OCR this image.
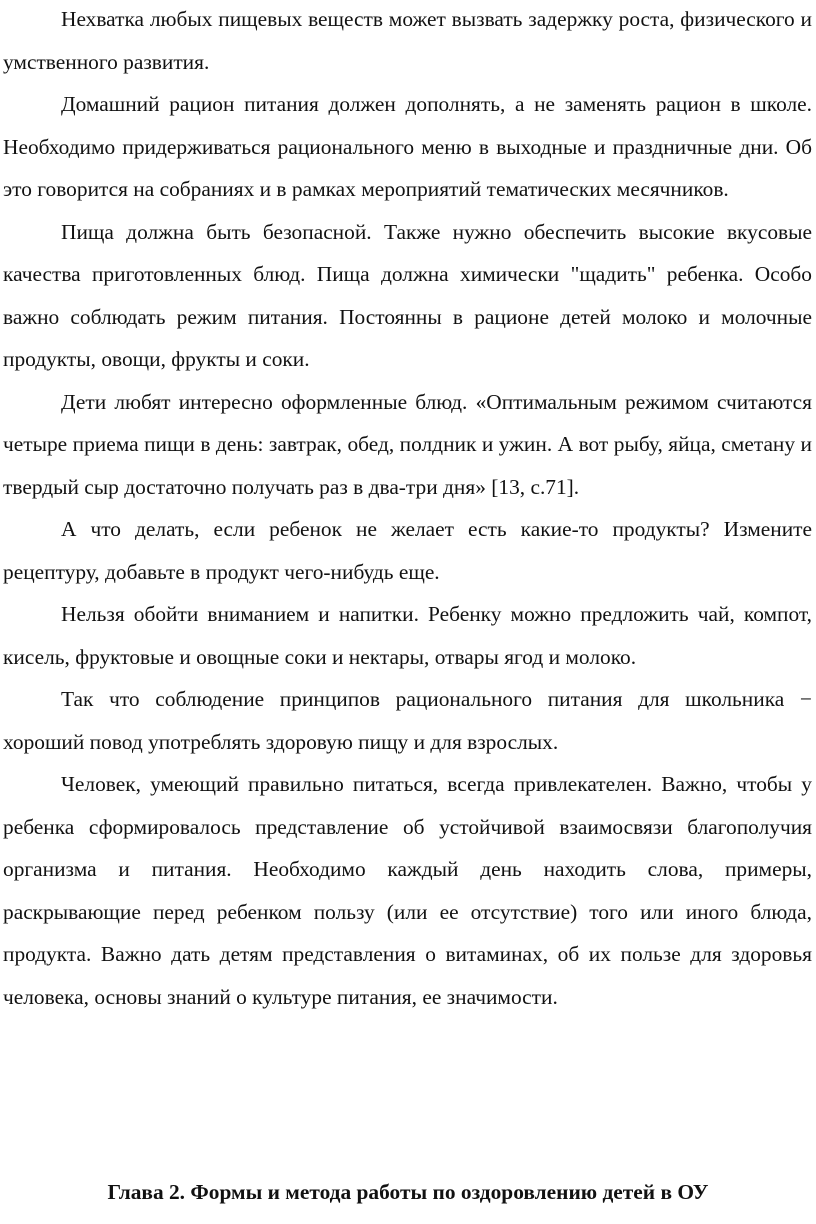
Нехватка любых пищевых веществ может вызвать задержку роста, физического и умственного развития.

Домашний рацион питания должен дополнять, а не заменять рацион в школе. Необходимо придерживаться рационального меню в выходные и праздничные дни. Об это говорится на собраниях и в рамках мероприятий тематических месячников.

Пища должна быть безопасной. Также нужно обеспечить высокие вкусовые качества приготовленных блюд. Пища должна химически "щадить" ребенка. Особо важно соблюдать режим питания. Постоянны в рационе детей молоко и молочные продукты, овощи, фрукты и соки.

Дети любят интересно оформленные блюд. «Оптимальным режимом считаются четыре приема пищи в день: завтрак, обед, полдник и ужин. А вот рыбу, яйца, сметану и твердый сыр достаточно получать раз в два-три дня» [13, с.71].

А что делать, если ребенок не желает есть какие-то продукты? Измените рецептуру, добавьте в продукт чего-нибудь еще.

Нельзя обойти вниманием и напитки. Ребенку можно предложить чай, компот, кисель, фруктовые и овощные соки и нектары, отвары ягод и молоко.

Так что соблюдение принципов рационального питания для школьника − хороший повод употреблять здоровую пищу и для взрослых.

Человек, умеющий правильно питаться, всегда привлекателен. Важно, чтобы у ребенка сформировалось представление об устойчивой взаимосвязи благополучия организма и питания. Необходимо каждый день находить слова, примеры, раскрывающие перед ребенком пользу (или ее отсутствие) того или иного блюда, продукта. Важно дать детям представления о витаминах, об их пользе для здоровья человека, основы знаний о культуре питания, ее значимости.

Глава 2. Формы и метода работы по оздоровлению детей в ОУ
